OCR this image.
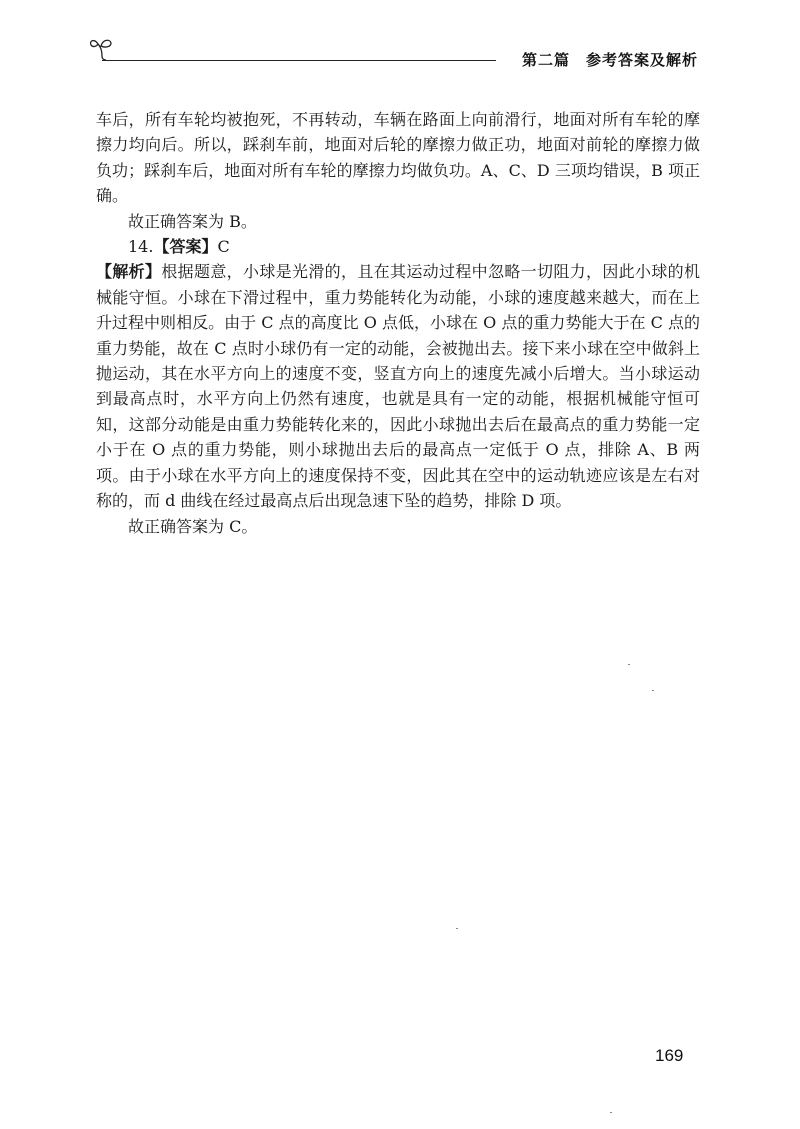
第二篇　参考答案及解析

车后，所有车轮均被抱死，不再转动，车辆在路面上向前滑行，地面对所有车轮的摩擦力均向后。所以，踩刹车前，地面对后轮的摩擦力做正功，地面对前轮的摩擦力做负功；踩刹车后，地面对所有车轮的摩擦力均做负功。A、C、D 三项均错误，B 项正确。

故正确答案为 B。

14.【答案】C

【解析】根据题意，小球是光滑的，且在其运动过程中忽略一切阻力，因此小球的机械能守恒。小球在下滑过程中，重力势能转化为动能，小球的速度越来越大，而在上升过程中则相反。由于 C 点的高度比 O 点低，小球在 O 点的重力势能大于在 C 点的重力势能，故在 C 点时小球仍有一定的动能，会被抛出去。接下来小球在空中做斜上抛运动，其在水平方向上的速度不变，竖直方向上的速度先减小后增大。当小球运动到最高点时，水平方向上仍然有速度，也就是具有一定的动能，根据机械能守恒可知，这部分动能是由重力势能转化来的，因此小球抛出去后在最高点的重力势能一定小于在 O 点的重力势能，则小球抛出去后的最高点一定低于 O 点，排除 A、B 两项。由于小球在水平方向上的速度保持不变，因此其在空中的运动轨迹应该是左右对称的，而 d 曲线在经过最高点后出现急速下坠的趋势，排除 D 项。

故正确答案为 C。

169
